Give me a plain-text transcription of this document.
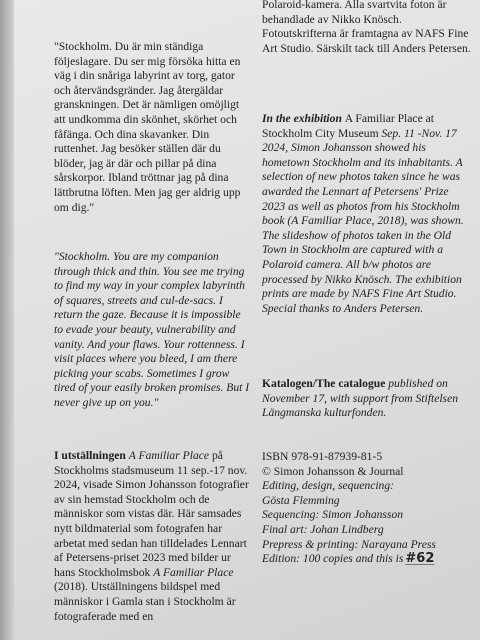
"Stockholm. Du är min ständiga följeslagare. Du ser mig försöka hitta en väg i din snåriga labyrint av torg, gator och återvändsgränder. Jag återgäldar granskningen. Det är nämligen omöjligt att undkomma din skönhet, skörhet och fåfänga. Och dina skavanker. Din ruttenhet. Jag besöker ställen där du blöder, jag är där och pillar på dina sårskorpor. Ibland tröttnar jag på dina lättbrutna löften. Men jag ger aldrig upp om dig."

"Stockholm. You are my companion through thick and thin. You see me trying to find my way in your complex labyrinth of squares, streets and cul-de-sacs. I return the gaze. Because it is impossible to evade your beauty, vulnerability and vanity. And your flaws. Your rottenness. I visit places where you bleed, I am there picking your scabs. Sometimes I grow tired of your easily broken promises. But I never give up on you."

I utställningen A Familiar Place på Stockholms stadsmuseum 11 sep.-17 nov. 2024, visade Simon Johansson fotografier av sin hemstad Stockholm och de människor som vistas där. Här samsades nytt bildmaterial som fotografen har arbetat med sedan han tilldelades Lennart af Petersens-priset 2023 med bilder ur hans Stockholmsbok A Familiar Place (2018). Utställningens bildspel med människor i Gamla stan i Stockholm är fotograferade med en

Polaroid-kamera. Alla svartvita foton är behandlade av Nikko Knösch. Fotoutskrifterna är framtagna av NAFS Fine Art Studio. Särskilt tack till Anders Petersen.

In the exhibition A Familiar Place at Stockholm City Museum Sep. 11 -Nov. 17 2024, Simon Johansson showed his hometown Stockholm and its inhabitants. A selection of new photos taken since he was awarded the Lennart af Petersens' Prize 2023 as well as photos from his Stockholm book (A Familiar Place, 2018), was shown. The slideshow of photos taken in the Old Town in Stockholm are captured with a Polaroid camera. All b/w photos are processed by Nikko Knösch. The exhibition prints are made by NAFS Fine Art Studio. Special thanks to Anders Petersen.

Katalogen/The catalogue published on November 17, with support from Stiftelsen Längmanska kulturfonden.

ISBN 978-91-87939-81-5

© Simon Johansson & Journal

Editing, design, sequencing:

Gösta Flemming

Sequencing: Simon Johansson

Final art: Johan Lindberg

Prepress & printing: Narayana Press

Edition: 100 copies and this is #62
